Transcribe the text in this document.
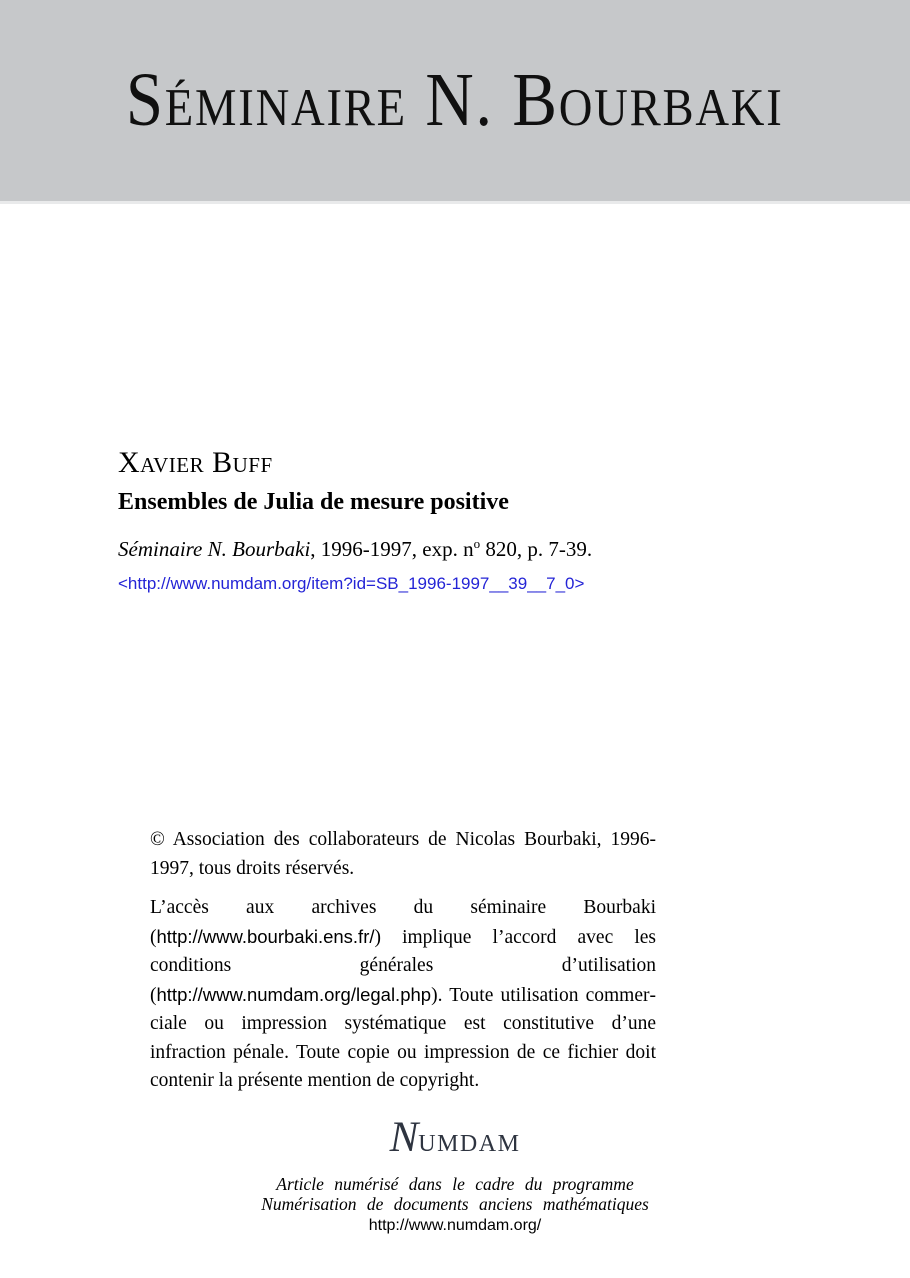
Séminaire N. Bourbaki
Xavier Buff
Ensembles de Julia de mesure positive
Séminaire N. Bourbaki, 1996-1997, exp. $n^o$ 820, p. 7-39.
<http://www.numdam.org/item?id=SB_1996-1997__39__7_0>

© Association des collaborateurs de Nicolas Bourbaki, 1996-1997, tous droits réservés.

L’accès aux archives du séminaire Bourbaki (http://www.bourbaki.​ens.fr/) implique l’accord avec les conditions générales d’utilisation (http://www.numdam.org/legal.php). Toute utilisation commerciale ou impression systématique est constitutive d’une infraction pénale. Toute copie ou impression de ce fichier doit contenir la présente mention de copyright.

Numdam
Article numérisé dans le cadre du programme
Numérisation de documents anciens mathématiques
http://www.numdam.org/
